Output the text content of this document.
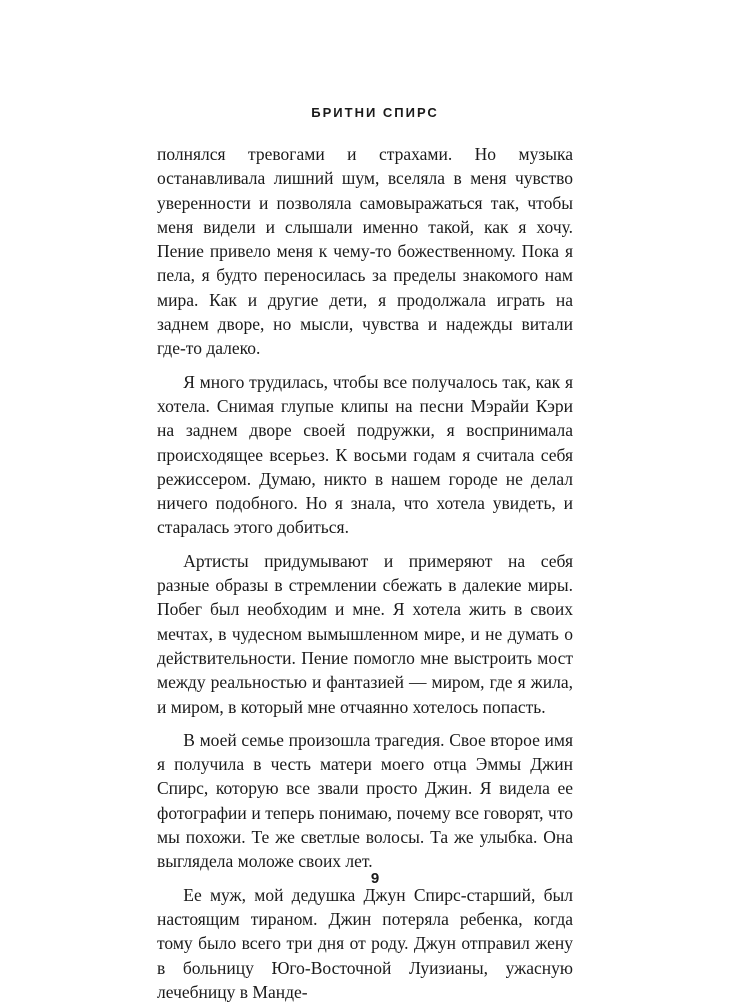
БРИТНИ СПИРС

полнялся тревогами и страхами. Но музыка останавливала лишний шум, вселяла в меня чувство уверенности и позволяла самовыражаться так, чтобы меня видели и слышали именно такой, как я хочу. Пение привело меня к чему-то божественному. Пока я пела, я будто переносилась за пределы знакомого нам мира. Как и другие дети, я продолжала играть на заднем дворе, но мысли, чувства и надежды витали где-то далеко.

Я много трудилась, чтобы все получалось так, как я хотела. Снимая глупые клипы на песни Мэрайи Кэри на заднем дворе своей подружки, я воспринимала происходящее всерьез. К восьми годам я считала себя режиссером. Думаю, никто в нашем городе не делал ничего подобного. Но я знала, что хотела увидеть, и старалась этого добиться.

Артисты придумывают и примеряют на себя разные образы в стремлении сбежать в далекие миры. Побег был необходим и мне. Я хотела жить в своих мечтах, в чудесном вымышленном мире, и не думать о действительности. Пение помогло мне выстроить мост между реальностью и фантазией — миром, где я жила, и миром, в который мне отчаянно хотелось попасть.

В моей семье произошла трагедия. Свое второе имя я получила в честь матери моего отца Эммы Джин Спирс, которую все звали просто Джин. Я видела ее фотографии и теперь понимаю, почему все говорят, что мы похожи. Те же светлые волосы. Та же улыбка. Она выглядела моложе своих лет.

Ее муж, мой дедушка Джун Спирс-старший, был настоящим тираном. Джин потеряла ребенка, когда тому было всего три дня от роду. Джун отправил жену в больницу Юго-Восточной Луизианы, ужасную лечебницу в Манде-

9
